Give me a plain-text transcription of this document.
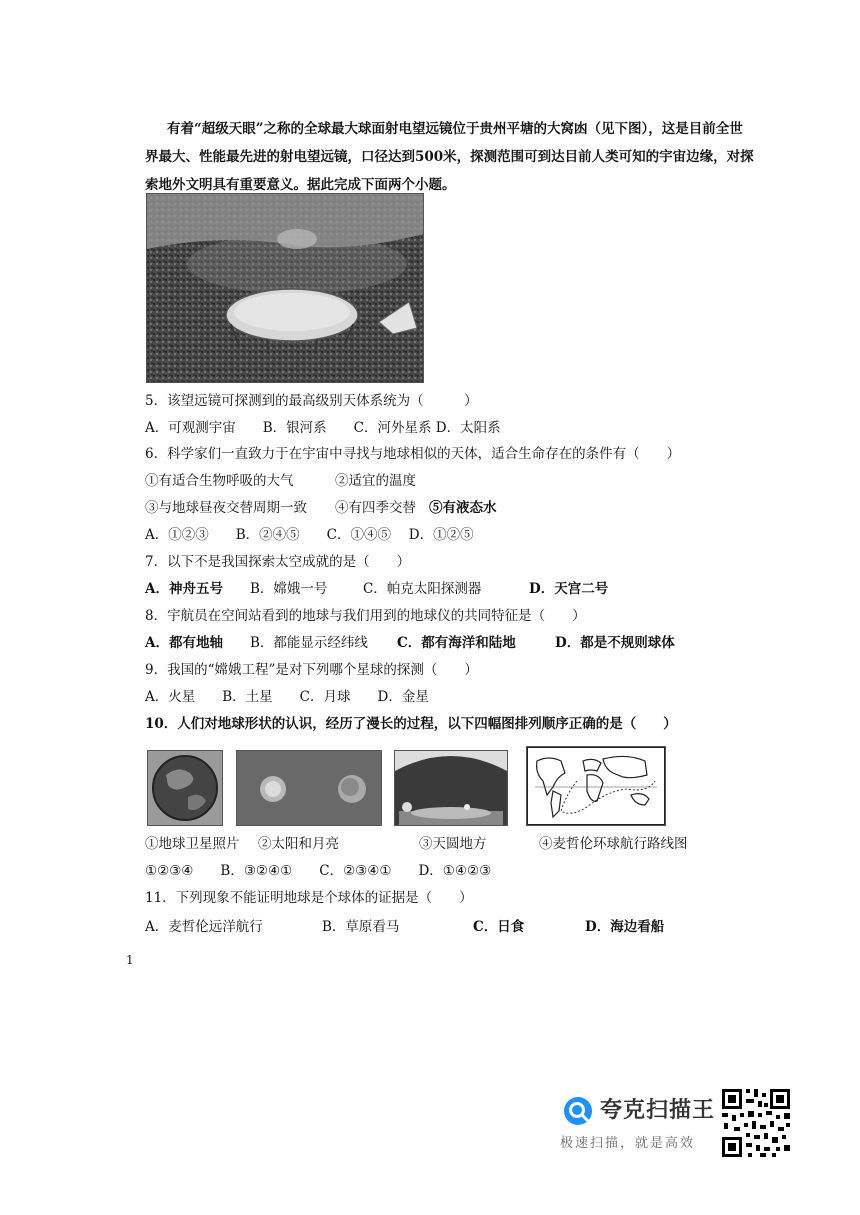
有着“超级天眼”之称的全球最大球面射电望远镜位于贵州平塘的大窝凼（见下图），这是目前全世界最大、性能最先进的射电望远镜，口径达到500米，探测范围可到达目前人类可知的宇宙边缘，对探索地外文明具有重要意义。据此完成下面两个小题。
5．该望远镜可探测到的最高级别天体系统为（　　　）
A．可观测宇宙　　B．银河系　　C．河外星系 D．太阳系
6．科学家们一直致力于在宇宙中寻找与地球相似的天体，适合生命存在的条件有（　　）
①有适合生物呼吸的大气	②适宜的温度
③与地球昼夜交替周期一致 ④有四季交替 ⑤有液态水
A．①②③　　B．②④⑤　　C．①④⑤　 D．①②⑤
7．以下不是我国探索太空成就的是（　　）
A．神舟五号 B．嫦娥一号	C．帕克太阳探测器	D．天宫二号
8．宇航员在空间站看到的地球与我们用到的地球仪的共同特征是（　　）
A．都有地轴 B．都能显示经纬线 C．都有海洋和陆地	D．都是不规则球体
9．我国的“嫦娥工程”是对下列哪个星球的探测（　　）
A．火星　　B．土星　　C．月球　　D．金星
10．人们对地球形状的认识，经历了漫长的过程，以下四幅图排列顺序正确的是（　　）
①地球卫星照片 ②太阳和月亮	③天圆地方	④麦哲伦环球航行路线图
①②③④　　B．③②④①　　C．②③④①　　D．①④②③
11．下列现象不能证明地球是个球体的证据是（　　）
A．麦哲伦远洋航行	B．草原看马	C．日食	D．海边看船
1
夸克扫描王
极速扫描，就是高效
